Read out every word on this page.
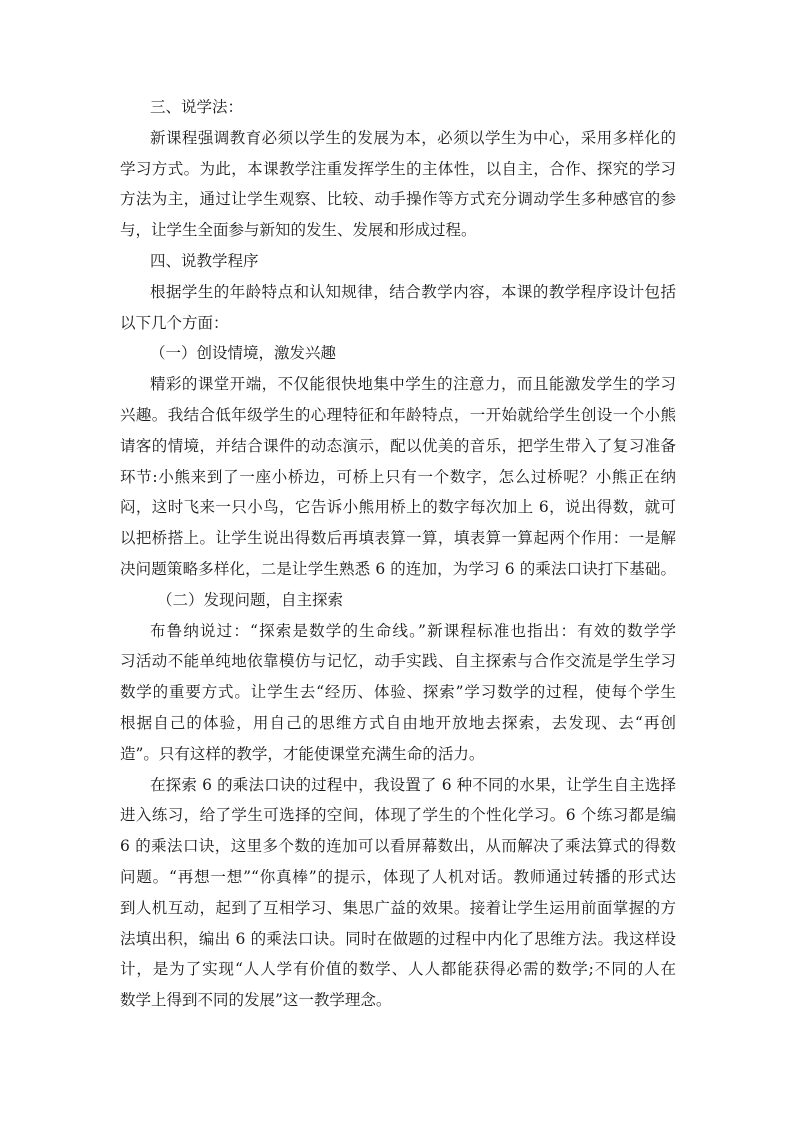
三、说学法：
新课程强调教育必须以学生的发展为本，必须以学生为中心，采用多样化的
学习方式。为此，本课教学注重发挥学生的主体性，以自主，合作、探究的学习
方法为主，通过让学生观察、比较、动手操作等方式充分调动学生多种感官的参
与，让学生全面参与新知的发生、发展和形成过程。
四、说教学程序
根据学生的年龄特点和认知规律，结合教学内容，本课的教学程序设计包括
以下几个方面：
（一）创设情境，激发兴趣
精彩的课堂开端，不仅能很快地集中学生的注意力，而且能激发学生的学习
兴趣。我结合低年级学生的心理特征和年龄特点，一开始就给学生创设一个小熊
请客的情境，并结合课件的动态演示，配以优美的音乐，把学生带入了复习准备
环节:小熊来到了一座小桥边，可桥上只有一个数字，怎么过桥呢？小熊正在纳
闷，这时飞来一只小鸟，它告诉小熊用桥上的数字每次加上 6，说出得数，就可
以把桥搭上。让学生说出得数后再填表算一算，填表算一算起两个作用：一是解
决问题策略多样化，二是让学生熟悉 6 的连加，为学习 6 的乘法口诀打下基础。
（二）发现问题，自主探索
布鲁纳说过：“探索是数学的生命线。”新课程标准也指出：有效的数学学
习活动不能单纯地依靠模仿与记忆，动手实践、自主探索与合作交流是学生学习
数学的重要方式。让学生去“经历、体验、探索”学习数学的过程，使每个学生
根据自己的体验，用自己的思维方式自由地开放地去探索，去发现、去“再创
造”。只有这样的教学，才能使课堂充满生命的活力。
在探索 6 的乘法口诀的过程中，我设置了 6 种不同的水果，让学生自主选择
进入练习，给了学生可选择的空间，体现了学生的个性化学习。6 个练习都是编
6 的乘法口诀，这里多个数的连加可以看屏幕数出，从而解决了乘法算式的得数
问题。“再想一想”“你真棒”的提示，体现了人机对话。教师通过转播的形式达
到人机互动，起到了互相学习、集思广益的效果。接着让学生运用前面掌握的方
法填出积，编出 6 的乘法口诀。同时在做题的过程中内化了思维方法。我这样设
计，是为了实现“人人学有价值的数学、人人都能获得必需的数学;不同的人在
数学上得到不同的发展”这一教学理念。
